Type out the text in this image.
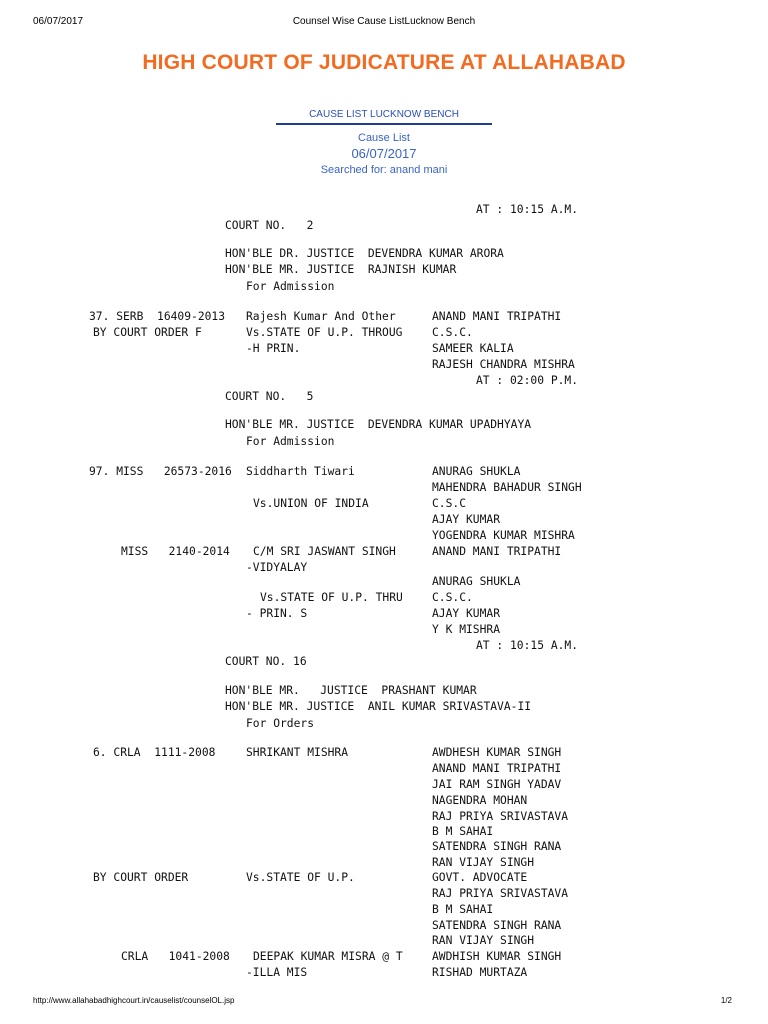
06/07/2017	Counsel Wise Cause ListLucknow Bench
HIGH COURT OF JUDICATURE AT ALLAHABAD
CAUSE LIST LUCKNOW BENCH
Cause List
06/07/2017
Searched for: anand mani
AT : 10:15 A.M.
COURT NO.   2
HON'BLE DR. JUSTICE  DEVENDRA KUMAR ARORA
HON'BLE MR. JUSTICE  RAJNISH KUMAR
For Admission
37. SERB  16409-2013 Rajesh Kumar And Other	ANAND MANI TRIPATHI
BY COURT ORDER F	Vs.STATE OF U.P. THROUG	C.S.C.
-H PRIN.	SAMEER KALIA
RAJESH CHANDRA MISHRA
AT : 02:00 P.M.
COURT NO.   5
HON'BLE MR. JUSTICE  DEVENDRA KUMAR UPADHYAYA
For Admission
97. MISS   26573-2016 Siddharth Tiwari	ANURAG SHUKLA
MAHENDRA BAHADUR SINGH
Vs.UNION OF INDIA	C.S.C
AJAY KUMAR
YOGENDRA KUMAR MISHRA
MISS   2140-2014 C/M SRI JASWANT SINGH	ANAND MANI TRIPATHI
-VIDYALAY
ANURAG SHUKLA
Vs.STATE OF U.P. THRU	C.S.C.
- PRIN. S	AJAY KUMAR
Y K MISHRA
AT : 10:15 A.M.
COURT NO. 16
HON'BLE MR.   JUSTICE  PRASHANT KUMAR
HON'BLE MR. JUSTICE  ANIL KUMAR SRIVASTAVA-II
For Orders
6. CRLA  1111-2008	SHRIKANT MISHRA	AWDHESH KUMAR SINGH
ANAND MANI TRIPATHI
JAI RAM SINGH YADAV
NAGENDRA MOHAN
RAJ PRIYA SRIVASTAVA
B M SAHAI
SATENDRA SINGH RANA
RAN VIJAY SINGH
BY COURT ORDER	Vs.STATE OF U.P.	GOVT. ADVOCATE
RAJ PRIYA SRIVASTAVA
B M SAHAI
SATENDRA SINGH RANA
RAN VIJAY SINGH
CRLA   1041-2008 DEEPAK KUMAR MISRA @ T	AWDHISH KUMAR SINGH
-ILLA MIS	RISHAD MURTAZA
http://www.allahabadhighcourt.in/causelist/counselOL.jsp	1/2
